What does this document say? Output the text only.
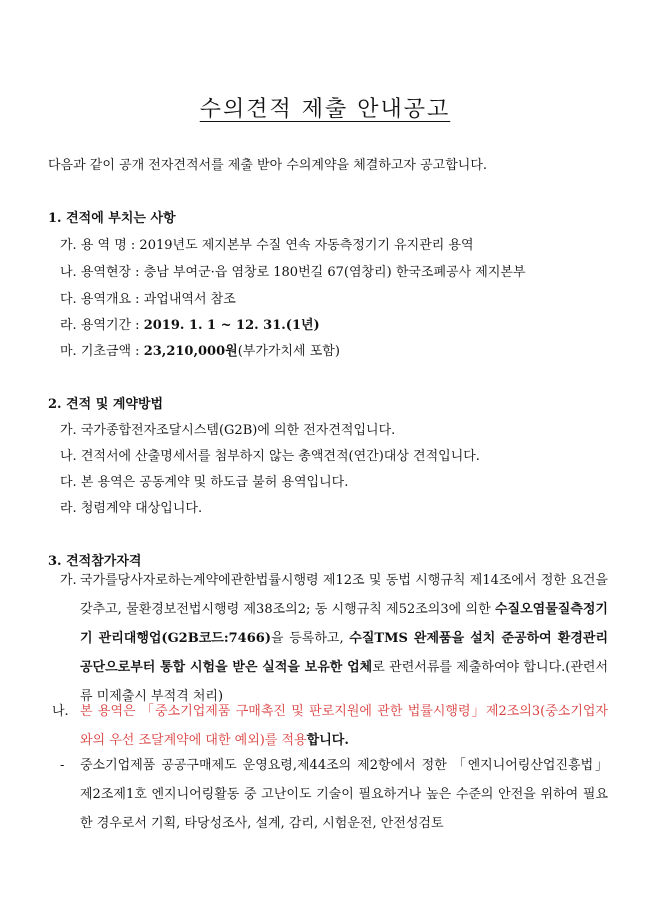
수의견적 제출 안내공고
다음과 같이 공개 전자견적서를 제출 받아 수의계약을 체결하고자 공고합니다.
1. 견적에 부치는 사항
가. 용 역 명 : 2019년도 제지본부 수질 연속 자동측정기기 유지관리 용역
나. 용역현장 : 충남 부여군·읍 염창로 180번길 67(염창리) 한국조폐공사 제지본부
다. 용역개요 : 과업내역서 참조
라. 용역기간 : 2019. 1. 1 ~ 12. 31.(1년)
마. 기초금액 : 23,210,000원(부가가치세 포함)
2. 견적 및 계약방법
가. 국가종합전자조달시스템(G2B)에 의한 전자견적입니다.
나. 견적서에 산출명세서를 첨부하지 않는 총액견적(연간)대상 견적입니다.
다. 본 용역은 공동계약 및 하도급 불허 용역입니다.
라. 청렴계약 대상입니다.
3. 견적참가자격
가. 국가를당사자로하는계약에관한법률시행령 제12조 및 동법 시행규칙 제14조에서 정한 요건을 갖추고, 물환경보전법시행령 제38조의2; 동 시행규칙 제52조의3에 의한 수질오염물질측정기기 관리대행업(G2B코드:7466)을 등록하고, 수질TMS 완제품을 설치 준공하여 환경관리공단으로부터 통합 시험을 받은 실적을 보유한 업체로 관련서류를 제출하여야 합니다.(관련서류 미제출시 부적격 처리)
나. 본 용역은 「중소기업제품 구매촉진 및 판로지원에 관한 법률시행령」제2조의3(중소기업자와의 우선 조달계약에 대한 예외)를 적용합니다.
- 중소기업제품 공공구매제도 운영요령,제44조의 제2항에서 정한 「엔지니어링산업진흥법」 제2조제1호 엔지니어링활동 중 고난이도 기술이 필요하거나 높은 수준의 안전을 위하여 필요한 경우로서 기획, 타당성조사, 설계, 감리, 시험운전, 안전성검토
